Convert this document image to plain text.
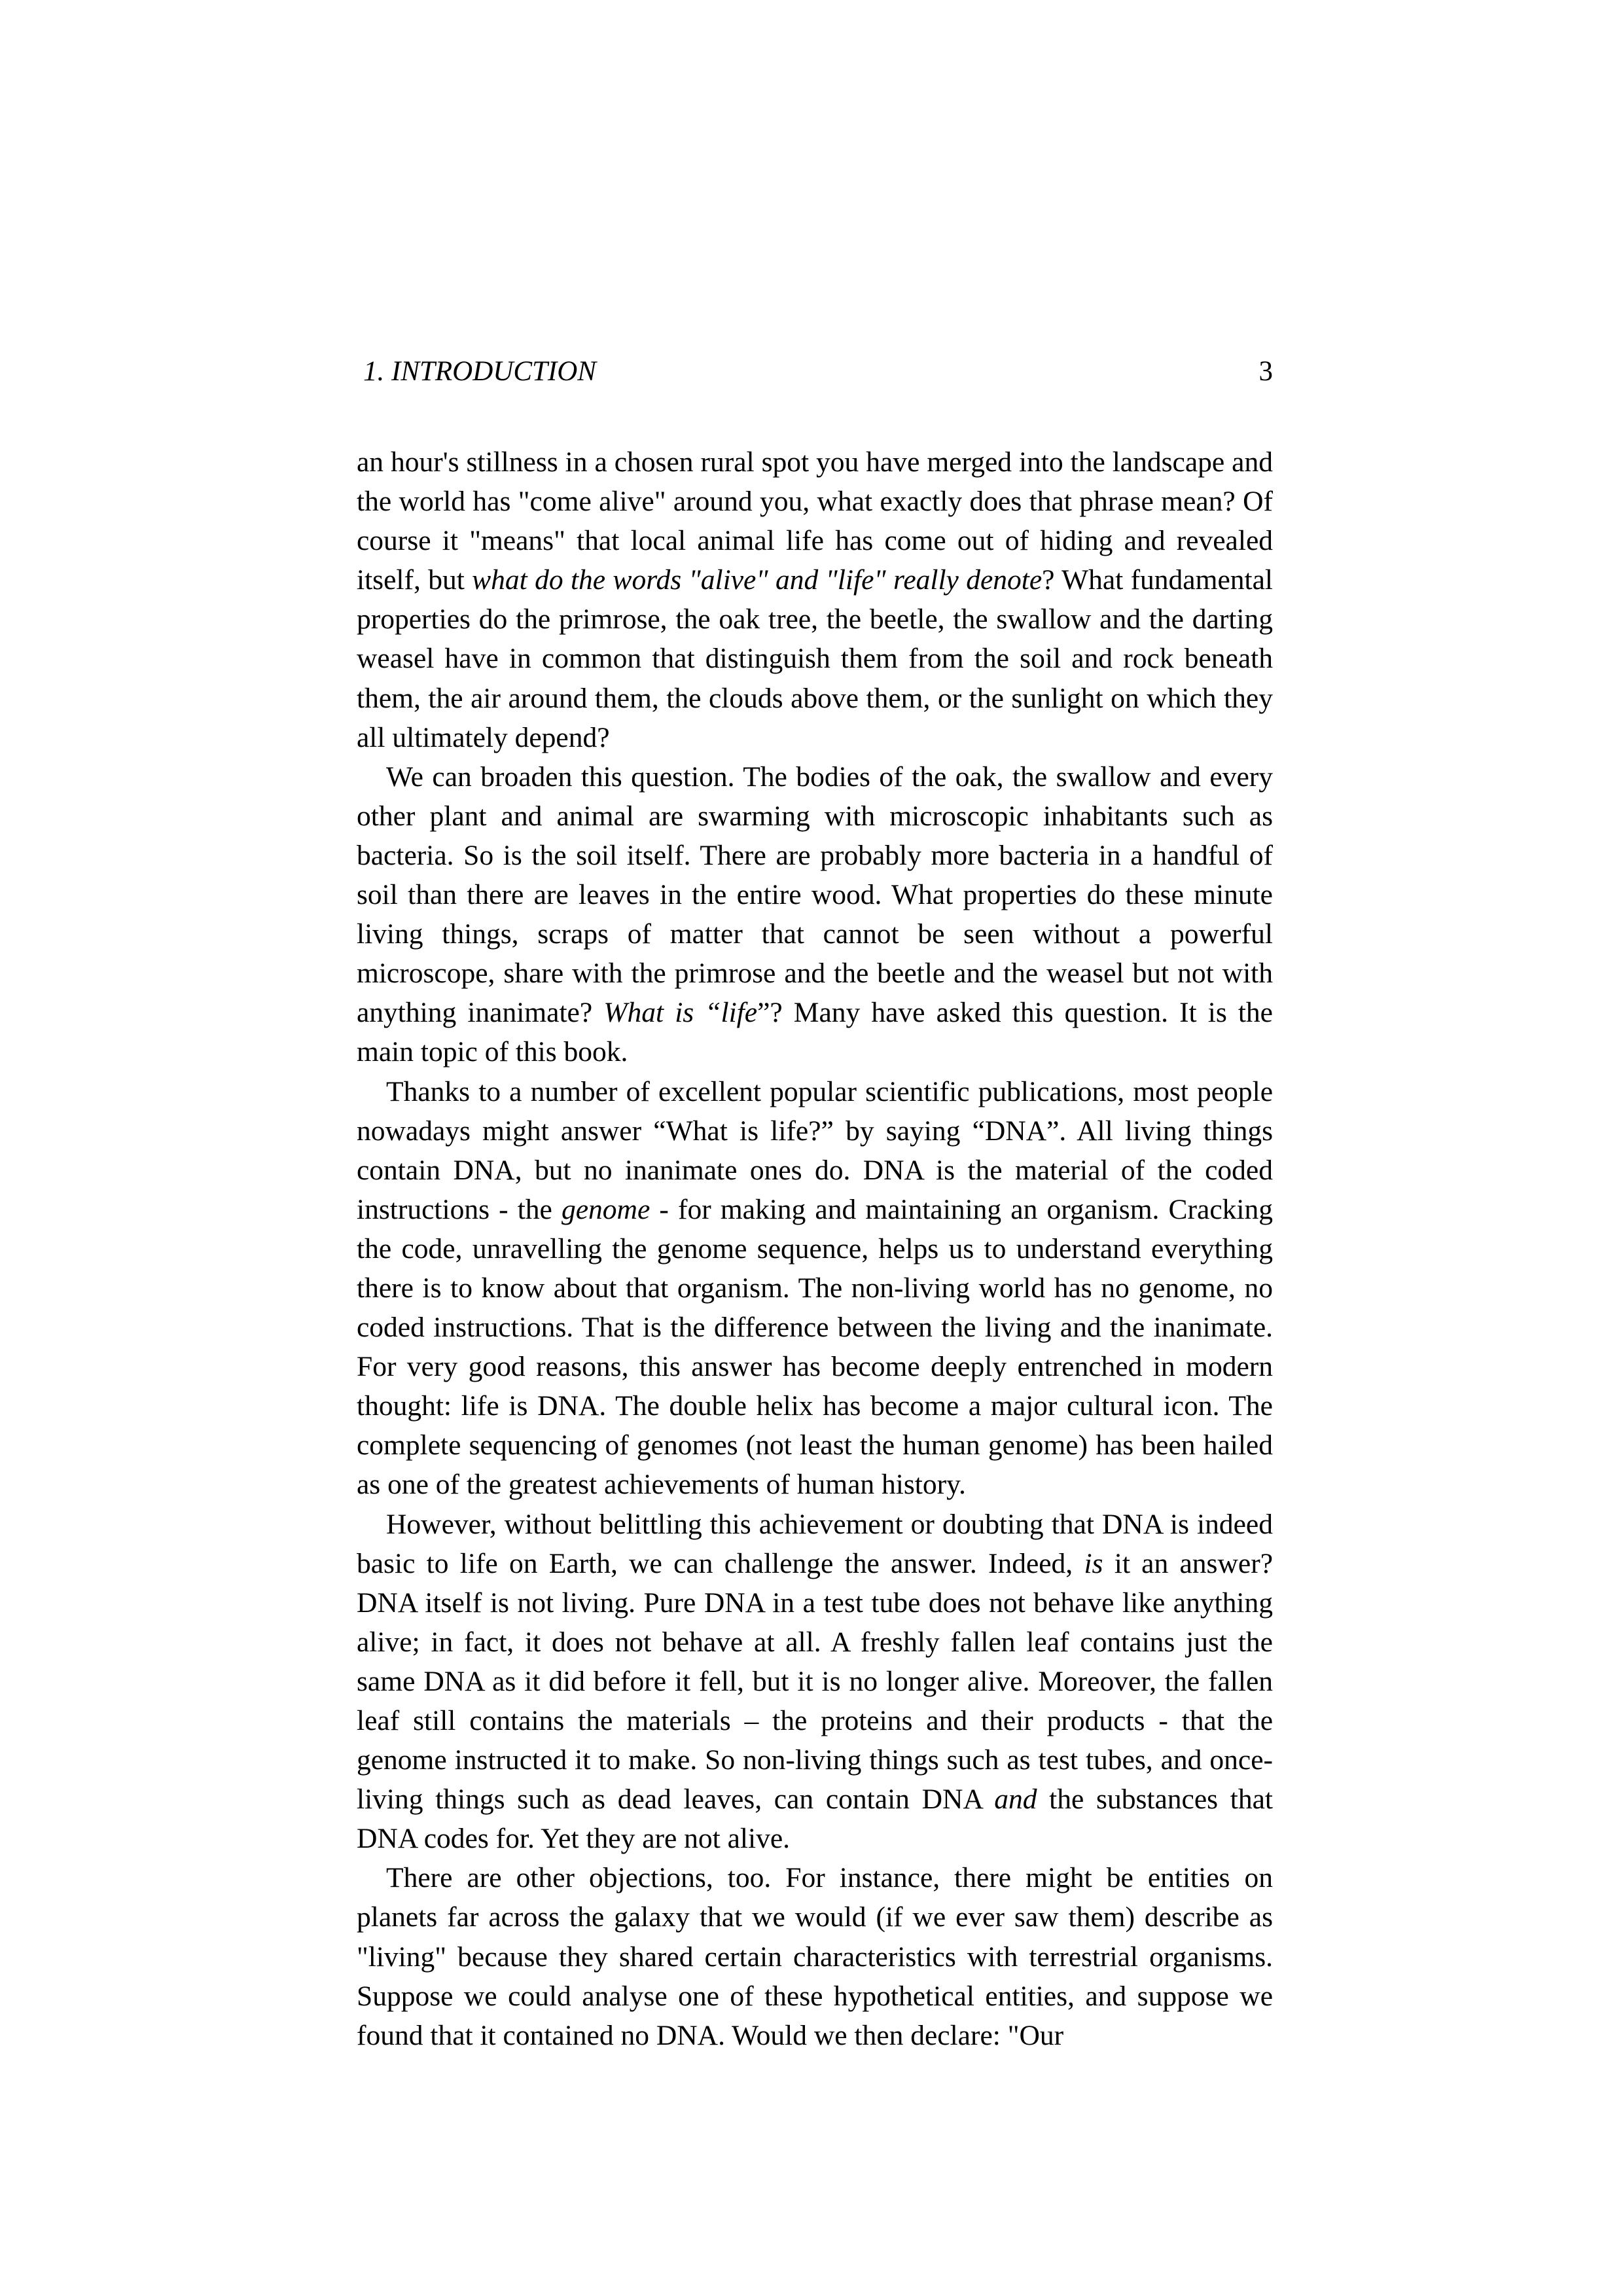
1. INTRODUCTION	3

an hour's stillness in a chosen rural spot you have merged into the landscape and the world has "come alive" around you, what exactly does that phrase mean? Of course it "means" that local animal life has come out of hiding and revealed itself, but what do the words "alive" and "life" really denote? What fundamental properties do the primrose, the oak tree, the beetle, the swallow and the darting weasel have in common that distinguish them from the soil and rock beneath them, the air around them, the clouds above them, or the sunlight on which they all ultimately depend?

We can broaden this question. The bodies of the oak, the swallow and every other plant and animal are swarming with microscopic inhabitants such as bacteria. So is the soil itself. There are probably more bacteria in a handful of soil than there are leaves in the entire wood. What properties do these minute living things, scraps of matter that cannot be seen without a powerful microscope, share with the primrose and the beetle and the weasel but not with anything inanimate? What is “life”? Many have asked this question. It is the main topic of this book.

Thanks to a number of excellent popular scientific publications, most people nowadays might answer “What is life?” by saying “DNA”. All living things contain DNA, but no inanimate ones do. DNA is the material of the coded instructions - the genome - for making and maintaining an organism. Cracking the code, unravelling the genome sequence, helps us to understand everything there is to know about that organism. The non-living world has no genome, no coded instructions. That is the difference between the living and the inanimate. For very good reasons, this answer has become deeply entrenched in modern thought: life is DNA. The double helix has become a major cultural icon. The complete sequencing of genomes (not least the human genome) has been hailed as one of the greatest achievements of human history.

However, without belittling this achievement or doubting that DNA is indeed basic to life on Earth, we can challenge the answer. Indeed, is it an answer? DNA itself is not living. Pure DNA in a test tube does not behave like anything alive; in fact, it does not behave at all. A freshly fallen leaf contains just the same DNA as it did before it fell, but it is no longer alive. Moreover, the fallen leaf still contains the materials – the proteins and their products - that the genome instructed it to make. So non-living things such as test tubes, and once-living things such as dead leaves, can contain DNA and the substances that DNA codes for. Yet they are not alive.

There are other objections, too. For instance, there might be entities on planets far across the galaxy that we would (if we ever saw them) describe as "living" because they shared certain characteristics with terrestrial organisms. Suppose we could analyse one of these hypothetical entities, and suppose we found that it contained no DNA. Would we then declare: "Our
